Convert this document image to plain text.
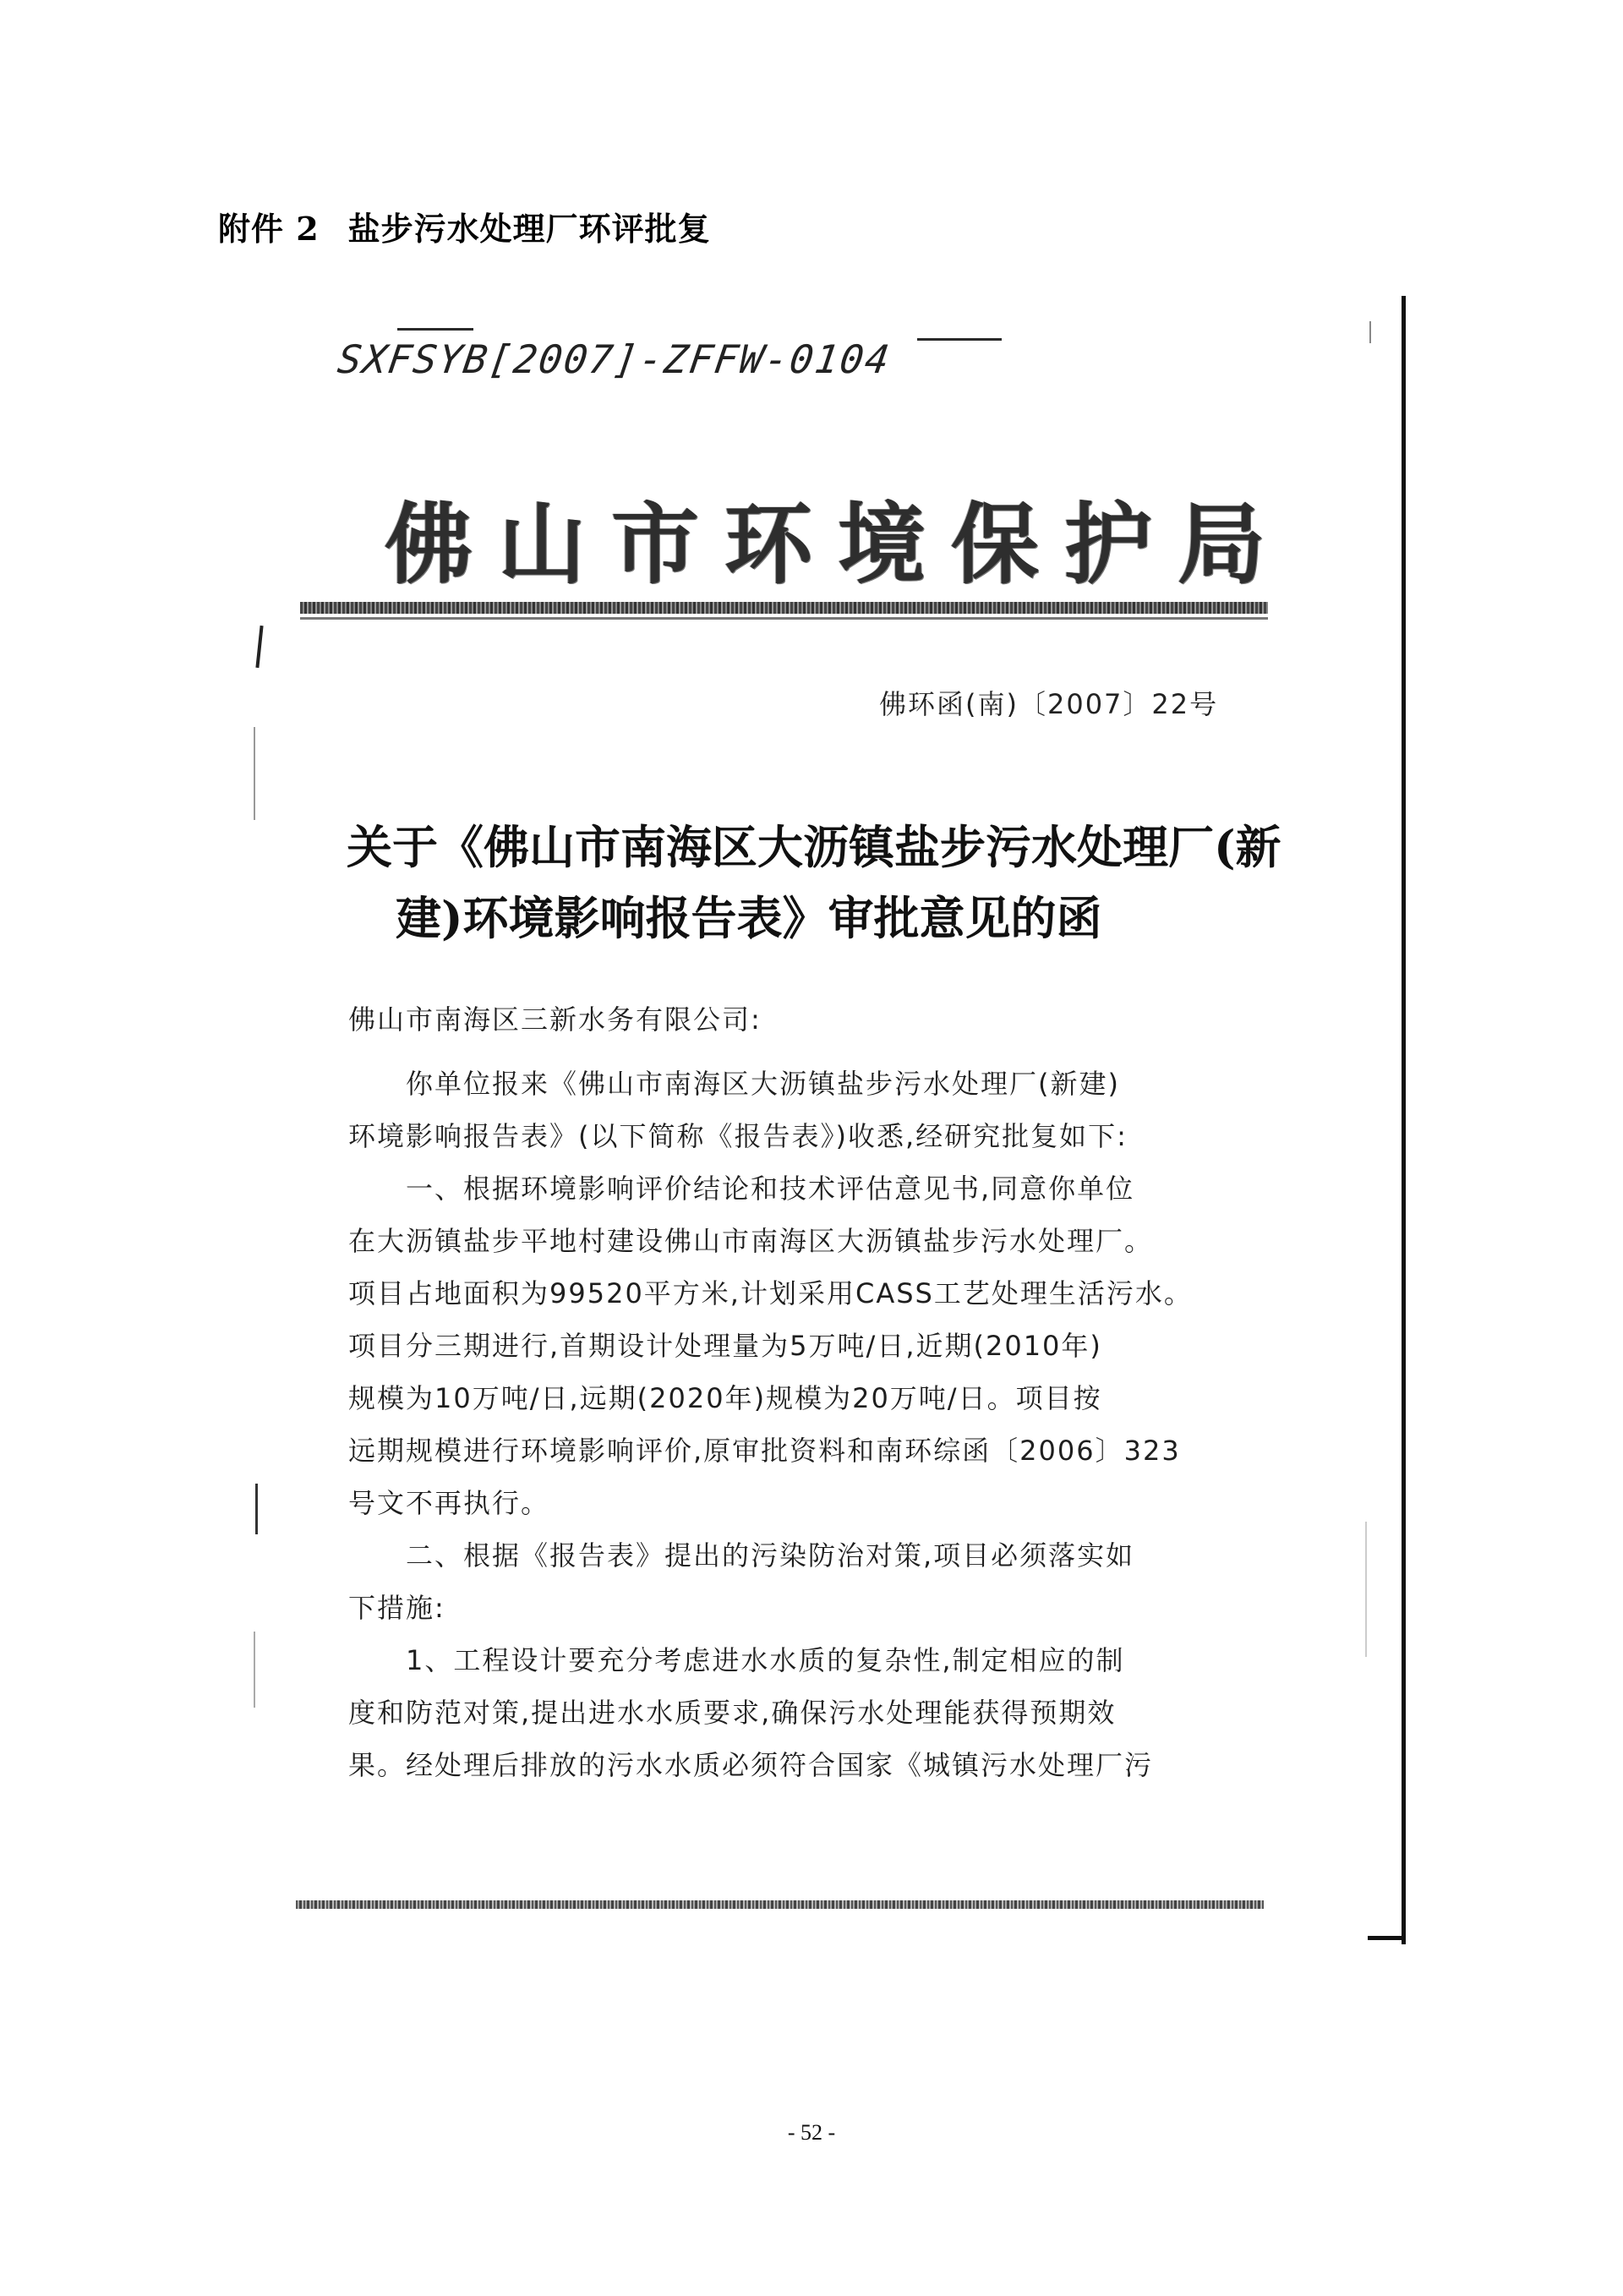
附件 2 盐步污水处理厂环评批复
SXFSYB[2007]-ZFFW-0104
佛山市环境保护局
佛环函(南)〔2007〕22号
关于《佛山市南海区大沥镇盐步污水处理厂(新
建)环境影响报告表》审批意见的函
佛山市南海区三新水务有限公司:
　　你单位报来《佛山市南海区大沥镇盐步污水处理厂(新建)
环境影响报告表》(以下简称《报告表》)收悉,经研究批复如下:
　　一、根据环境影响评价结论和技术评估意见书,同意你单位
在大沥镇盐步平地村建设佛山市南海区大沥镇盐步污水处理厂。
项目占地面积为99520平方米,计划采用CASS工艺处理生活污水。
项目分三期进行,首期设计处理量为5万吨/日,近期(2010年)
规模为10万吨/日,远期(2020年)规模为20万吨/日。项目按
远期规模进行环境影响评价,原审批资料和南环综函〔2006〕323
号文不再执行。
　　二、根据《报告表》提出的污染防治对策,项目必须落实如
下措施:
　　1、工程设计要充分考虑进水水质的复杂性,制定相应的制
度和防范对策,提出进水水质要求,确保污水处理能获得预期效
果。经处理后排放的污水水质必须符合国家《城镇污水处理厂污
- 52 -
